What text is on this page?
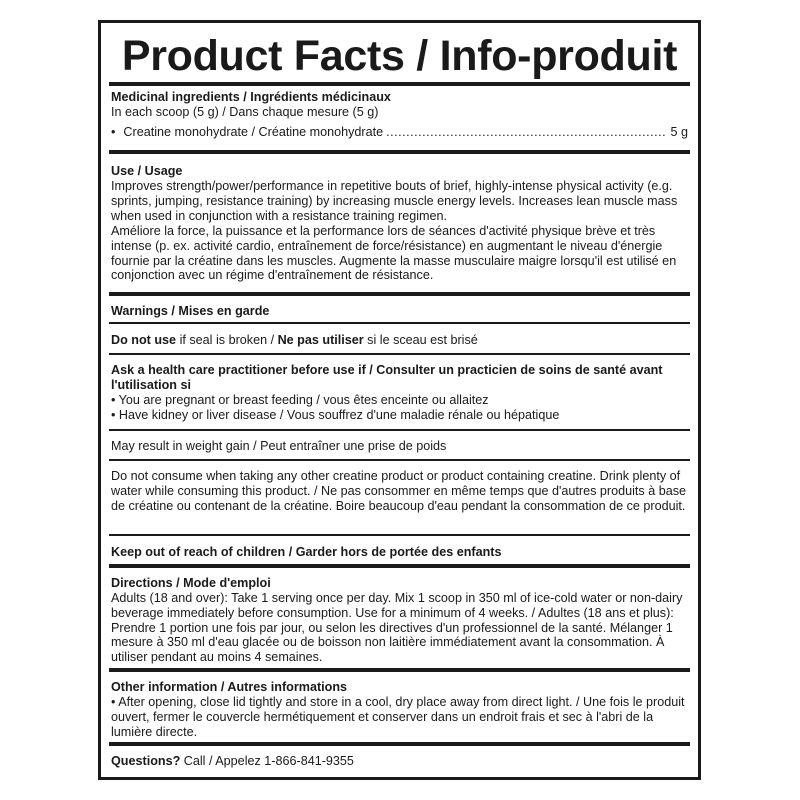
Product Facts / Info-produit

Medicinal ingredients / Ingrédients médicinaux

In each scoop (5 g) / Dans chaque mesure (5 g)

• Creatine monohydrate / Créatine monohydrate
.....	5 g

Use / Usage

Improves strength/power/performance in repetitive bouts of brief, highly-intense physical activity (e.g. sprints, jumping, resistance training) by increasing muscle energy levels. Increases lean muscle mass when used in conjunction with a resistance training regimen.

Améliore la force, la puissance et la performance lors de séances d'activité physique brève et très intense (p. ex. activité cardio, entraînement de force/résistance) en augmentant le niveau d'énergie fournie par la créatine dans les muscles. Augmente la masse musculaire maigre lorsqu'il est utilisé en conjonction avec un régime d'entraînement de résistance.

Warnings / Mises en garde

Do not use if seal is broken / Ne pas utiliser si le sceau est brisé

Ask a health care practitioner before use if / Consulter un practicien de soins de santé avant l'utilisation si

• You are pregnant or breast feeding / vous êtes enceinte ou allaitez

• Have kidney or liver disease / Vous souffrez d'une maladie rénale ou hépatique

May result in weight gain / Peut entraîner une prise de poids

Do not consume when taking any other creatine product or product containing creatine. Drink plenty of water while consuming this product. / Ne pas consommer en même temps que d'autres produits à base de créatine ou contenant de la créatine. Boire beaucoup d'eau pendant la consommation de ce produit.

Keep out of reach of children / Garder hors de portée des enfants

Directions / Mode d'emploi

Adults (18 and over): Take 1 serving once per day. Mix 1 scoop in 350 ml of ice-cold water or non-dairy beverage immediately before consumption. Use for a minimum of 4 weeks. / Adultes (18 ans et plus): Prendre 1 portion une fois par jour, ou selon les directives d'un professionnel de la santé. Mélanger 1 mesure à 350 ml d'eau glacée ou de boisson non laitière immédiatement avant la consommation. À utiliser pendant au moins 4 semaines.

Other information / Autres informations

• After opening, close lid tightly and store in a cool, dry place away from direct light. / Une fois le produit ouvert, fermer le couvercle hermétiquement et conserver dans un endroit frais et sec à l'abri de la lumière directe.

Questions? Call / Appelez 1-866-841-9355
